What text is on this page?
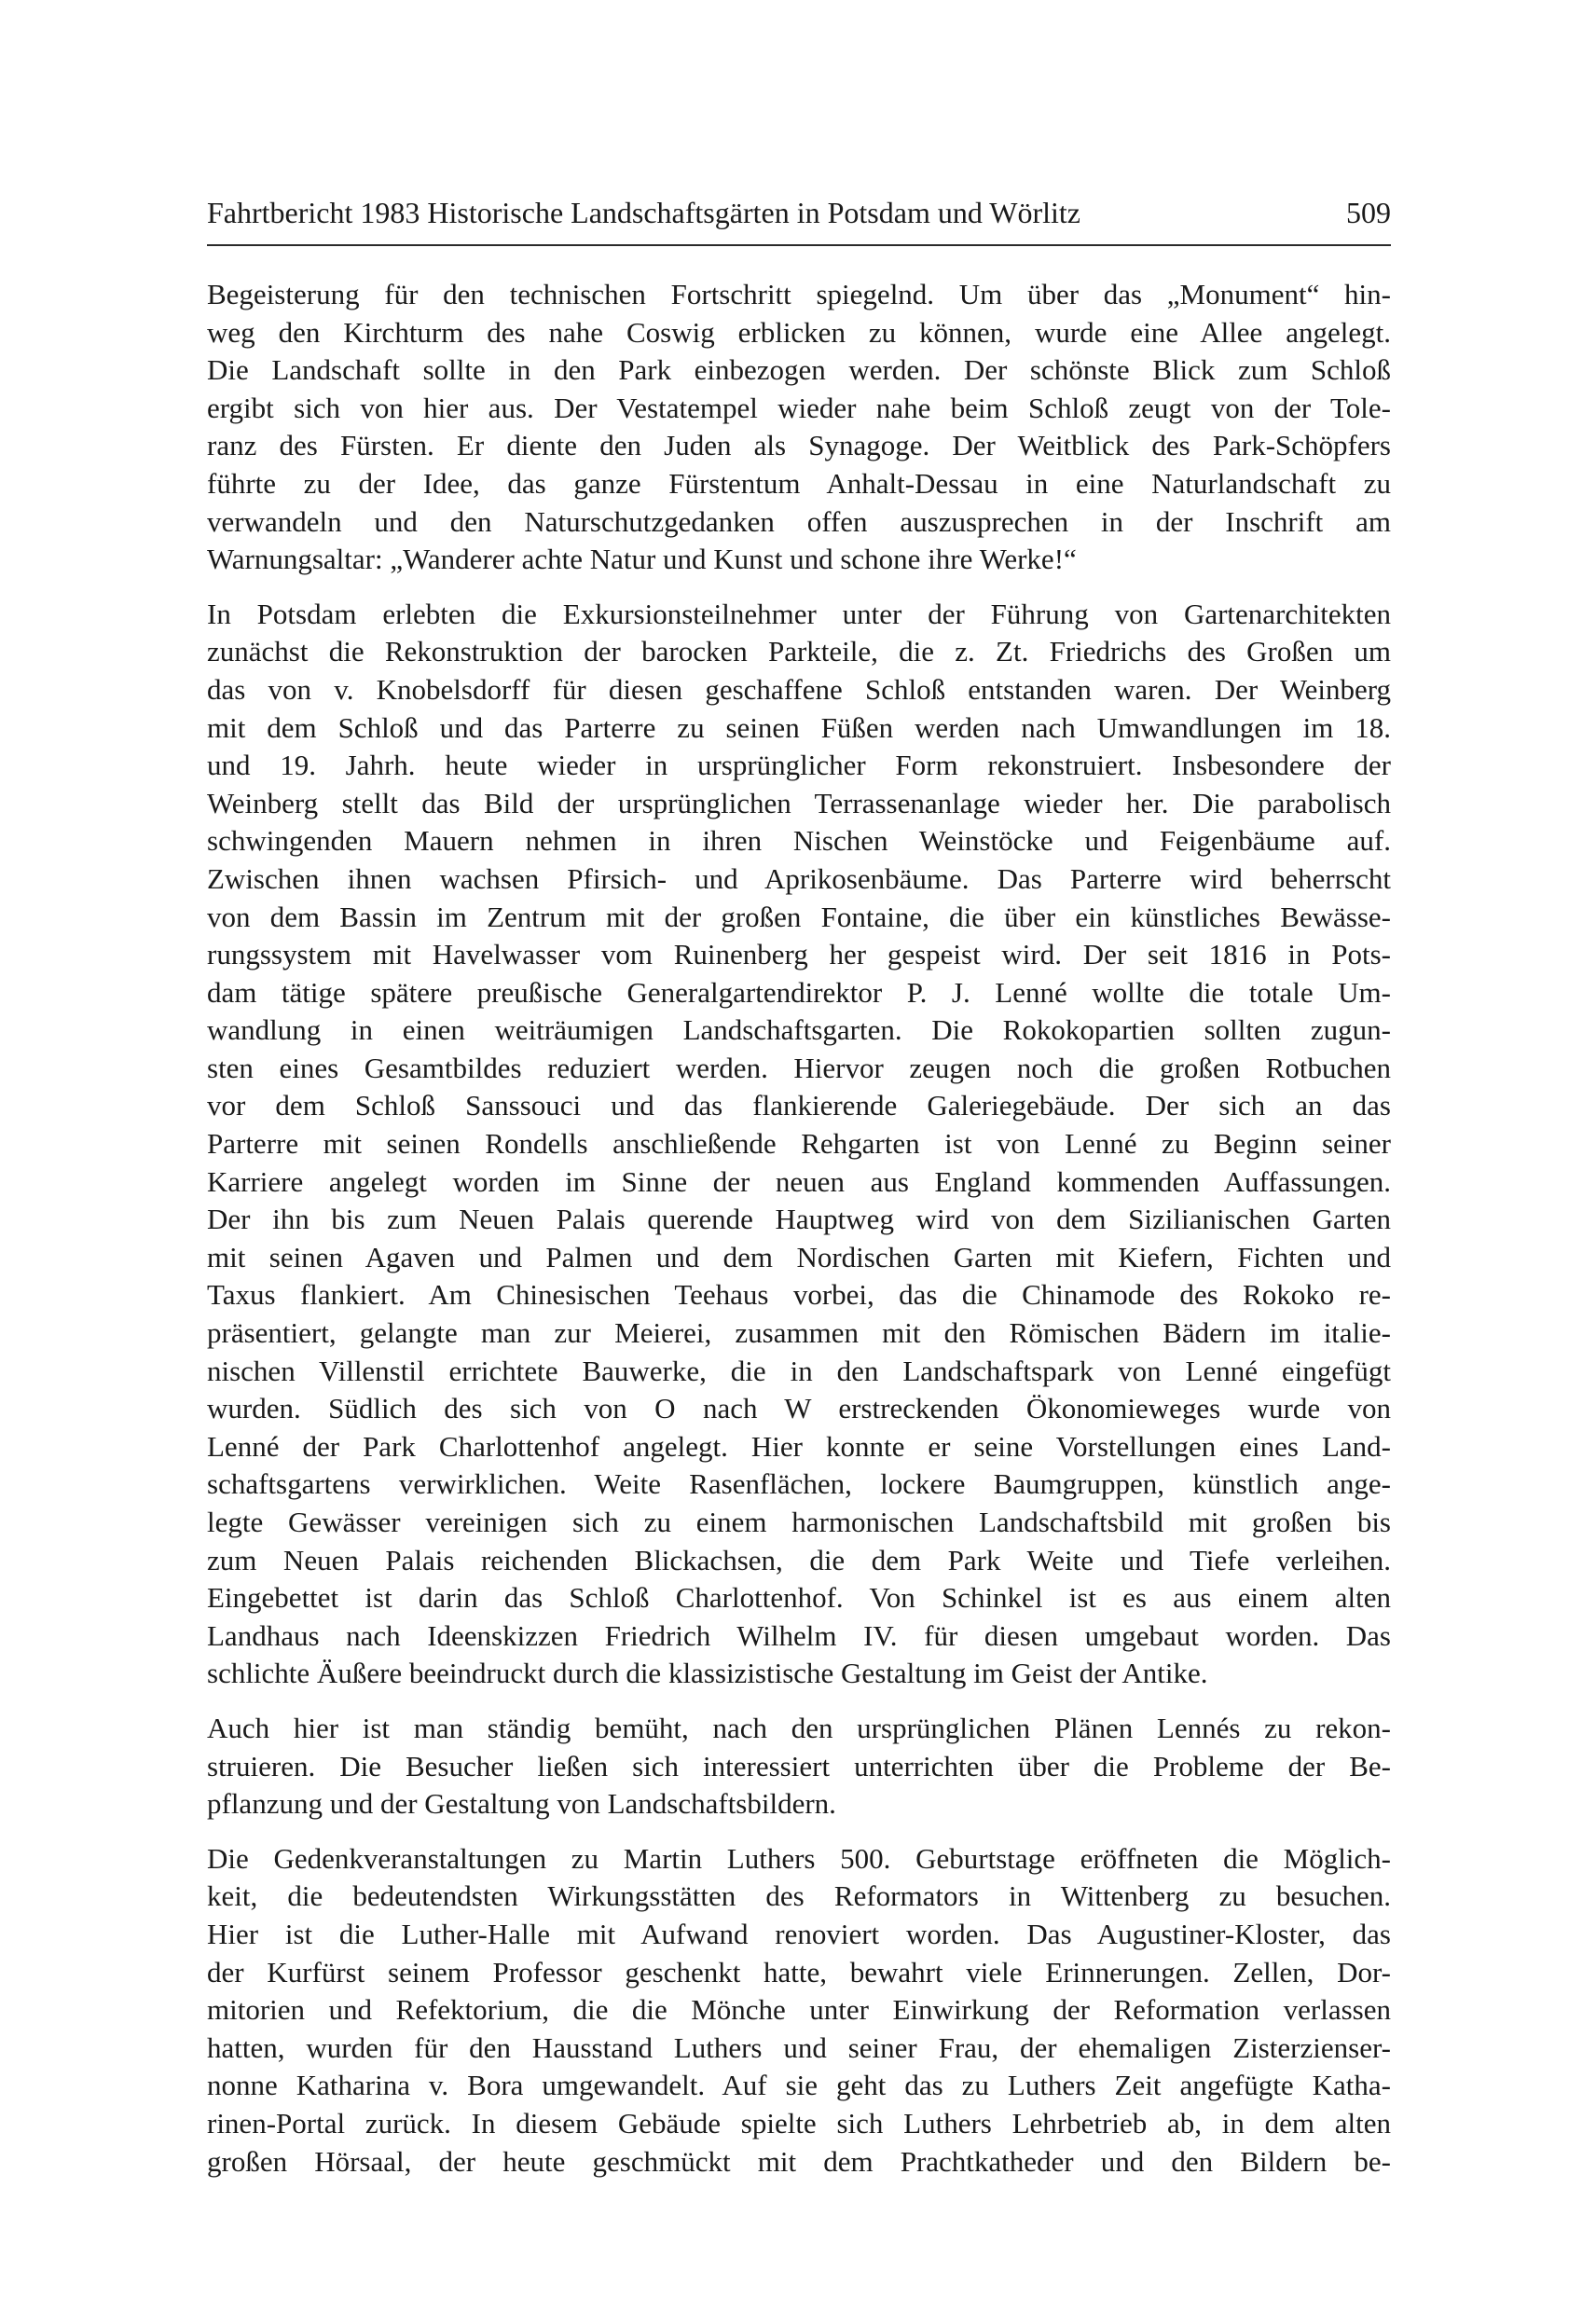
Fahrtbericht 1983 Historische Landschaftsgärten in Potsdam und Wörlitz	509
Begeisterung für den technischen Fortschritt spiegelnd. Um über das „Monument“ hin-
weg den Kirchturm des nahe Coswig erblicken zu können, wurde eine Allee angelegt.
Die Landschaft sollte in den Park einbezogen werden. Der schönste Blick zum Schloß
ergibt sich von hier aus. Der Vestatempel wieder nahe beim Schloß zeugt von der Tole-
ranz des Fürsten. Er diente den Juden als Synagoge. Der Weitblick des Park-Schöpfers
führte zu der Idee, das ganze Fürstentum Anhalt-Dessau in eine Naturlandschaft zu
verwandeln und den Naturschutzgedanken offen auszusprechen in der Inschrift am
Warnungsaltar: „Wanderer achte Natur und Kunst und schone ihre Werke!“
In Potsdam erlebten die Exkursionsteilnehmer unter der Führung von Gartenarchitekten
zunächst die Rekonstruktion der barocken Parkteile, die z. Zt. Friedrichs des Großen um
das von v. Knobelsdorff für diesen geschaffene Schloß entstanden waren. Der Weinberg
mit dem Schloß und das Parterre zu seinen Füßen werden nach Umwandlungen im 18.
und 19. Jahrh. heute wieder in ursprünglicher Form rekonstruiert. Insbesondere der
Weinberg stellt das Bild der ursprünglichen Terrassenanlage wieder her. Die parabolisch
schwingenden Mauern nehmen in ihren Nischen Weinstöcke und Feigenbäume auf.
Zwischen ihnen wachsen Pfirsich- und Aprikosenbäume. Das Parterre wird beherrscht
von dem Bassin im Zentrum mit der großen Fontaine, die über ein künstliches Bewässe-
rungssystem mit Havelwasser vom Ruinenberg her gespeist wird. Der seit 1816 in Pots-
dam tätige spätere preußische Generalgartendirektor P. J. Lenné wollte die totale Um-
wandlung in einen weiträumigen Landschaftsgarten. Die Rokokopartien sollten zugun-
sten eines Gesamtbildes reduziert werden. Hiervor zeugen noch die großen Rotbuchen
vor dem Schloß Sanssouci und das flankierende Galeriegebäude. Der sich an das
Parterre mit seinen Rondells anschließende Rehgarten ist von Lenné zu Beginn seiner
Karriere angelegt worden im Sinne der neuen aus England kommenden Auffassungen.
Der ihn bis zum Neuen Palais querende Hauptweg wird von dem Sizilianischen Garten
mit seinen Agaven und Palmen und dem Nordischen Garten mit Kiefern, Fichten und
Taxus flankiert. Am Chinesischen Teehaus vorbei, das die Chinamode des Rokoko re-
präsentiert, gelangte man zur Meierei, zusammen mit den Römischen Bädern im italie-
nischen Villenstil errichtete Bauwerke, die in den Landschaftspark von Lenné eingefügt
wurden. Südlich des sich von O nach W erstreckenden Ökonomieweges wurde von
Lenné der Park Charlottenhof angelegt. Hier konnte er seine Vorstellungen eines Land-
schaftsgartens verwirklichen. Weite Rasenflächen, lockere Baumgruppen, künstlich ange-
legte Gewässer vereinigen sich zu einem harmonischen Landschaftsbild mit großen bis
zum Neuen Palais reichenden Blickachsen, die dem Park Weite und Tiefe verleihen.
Eingebettet ist darin das Schloß Charlottenhof. Von Schinkel ist es aus einem alten
Landhaus nach Ideenskizzen Friedrich Wilhelm IV. für diesen umgebaut worden. Das
schlichte Äußere beeindruckt durch die klassizistische Gestaltung im Geist der Antike.
Auch hier ist man ständig bemüht, nach den ursprünglichen Plänen Lennés zu rekon-
struieren. Die Besucher ließen sich interessiert unterrichten über die Probleme der Be-
pflanzung und der Gestaltung von Landschaftsbildern.
Die Gedenkveranstaltungen zu Martin Luthers 500. Geburtstage eröffneten die Möglich-
keit, die bedeutendsten Wirkungsstätten des Reformators in Wittenberg zu besuchen.
Hier ist die Luther-Halle mit Aufwand renoviert worden. Das Augustiner-Kloster, das
der Kurfürst seinem Professor geschenkt hatte, bewahrt viele Erinnerungen. Zellen, Dor-
mitorien und Refektorium, die die Mönche unter Einwirkung der Reformation verlassen
hatten, wurden für den Hausstand Luthers und seiner Frau, der ehemaligen Zisterzienser-
nonne Katharina v. Bora umgewandelt. Auf sie geht das zu Luthers Zeit angefügte Katha-
rinen-Portal zurück. In diesem Gebäude spielte sich Luthers Lehrbetrieb ab, in dem alten
großen Hörsaal, der heute geschmückt mit dem Prachtkatheder und den Bildern be-
